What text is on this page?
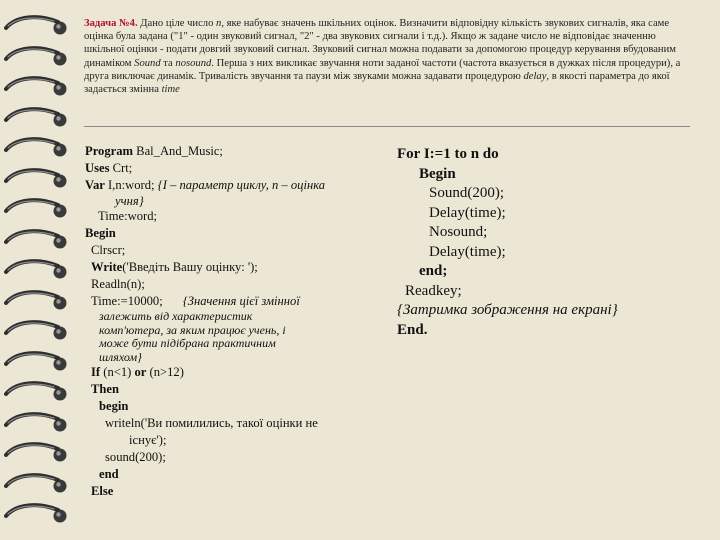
Задача №4. Дано ціле число n, яке набуває значень шкільних оцінок. Визначити відповідну кількість звукових сигналів, яка саме оцінка була задана ("1" - один звуковий сигнал, "2" - два звукових сигнали і т.д.). Якщо ж задане число не відповідає значенню шкільної оцінки - подати довгий звуковий сигнал. Звуковий сигнал можна подавати за допомогою процедур керування вбудованим динаміком Sound та nosound. Перша з них викликає звучання ноти заданої частоти (частота вказується в дужках після процедури), а друга виключає динамік. Тривалість звучання та паузи між звуками можна задавати процедурою delay, в якості параметра до якої задається змінна time
Program Bal_And_Music;
Uses Crt;
Var I,n:word; {I – параметр циклу, n – оцінка
учня}
Time:word;
Begin
Clrscr;
Write('Введіть Вашу оцінку: ');
Readln(n);
Time:=10000; {Значення цієї змінної
залежить від характеристик
комп'ютера, за яким працює учень, і
може бути підібрана практичним
шляхом}
If (n<1) or (n>12)
Then
begin
writeln('Ви помилились, такої оцінки не
існує');
sound(200);
end
Else
For I:=1 to n do
Begin
Sound(200);
Delay(time);
Nosound;
Delay(time);
end;
Readkey;
{Затримка зображення на екрані}
End.
